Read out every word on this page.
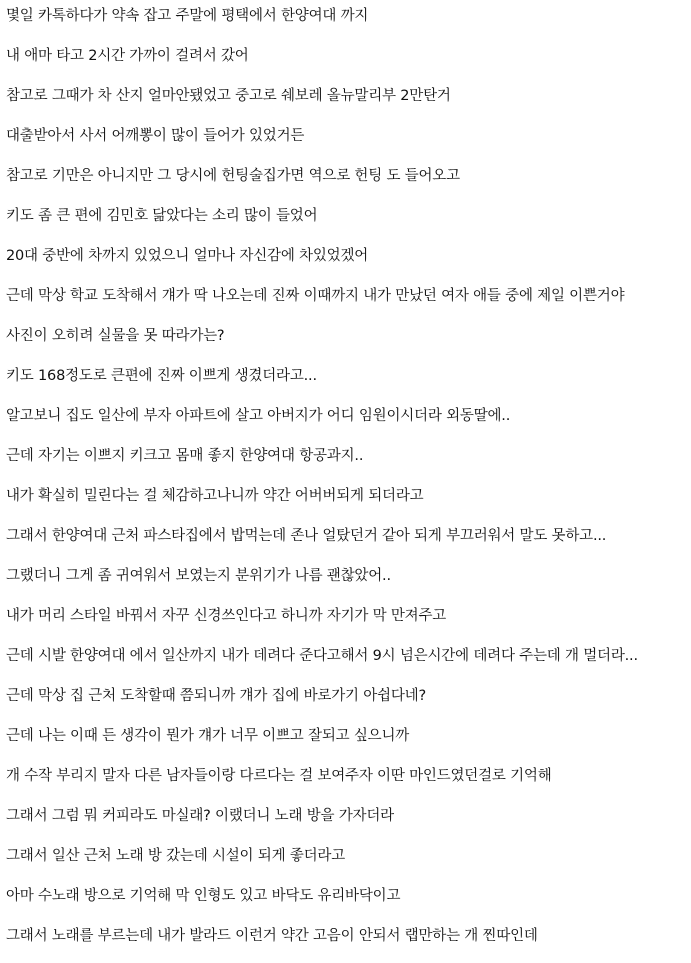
몇일 카톡하다가 약속 잡고 주말에 평택에서 한양여대 까지
내 애마 타고 2시간 가까이 걸려서 갔어
참고로 그때가 차 산지 얼마안됐었고 중고로 쉐보레 올뉴말리부 2만탄거
대출받아서 사서 어깨뽕이 많이 들어가 있었거든
참고로 기만은 아니지만 그 당시에 헌팅술집가면 역으로 헌팅 도 들어오고
키도 좀 큰 편에 김민호 닮았다는 소리 많이 들었어
20대 중반에 차까지 있었으니 얼마나 자신감에 차있었겠어
근데 막상 학교 도착해서 걔가 딱 나오는데 진짜 이때까지 내가 만났던 여자 애들 중에 제일 이쁜거야
사진이 오히려 실물을 못 따라가는?
키도 168정도로 큰편에 진짜 이쁘게 생겼더라고...
알고보니 집도 일산에 부자 아파트에 살고 아버지가 어디 임원이시더라 외동딸에..
근데 자기는 이쁘지 키크고 몸매 좋지 한양여대 항공과지..
내가 확실히 밀린다는 걸 체감하고나니까 약간 어버버되게 되더라고
그래서 한양여대 근처 파스타집에서 밥먹는데 존나 얼탔던거 같아 되게 부끄러워서 말도 못하고...
그랬더니 그게 좀 귀여워서 보였는지 분위기가 나름 괜찮았어..
내가 머리 스타일 바꿔서 자꾸 신경쓰인다고 하니까 자기가 막 만져주고
근데 시발 한양여대 에서 일산까지 내가 데려다 준다고해서 9시 넘은시간에 데려다 주는데 개 멀더라...
근데 막상 집 근처 도착할때 쯤되니까 걔가 집에 바로가기 아쉽다네?
근데 나는 이때 든 생각이 뭔가 걔가 너무 이쁘고 잘되고 싶으니까
개 수작 부리지 말자 다른 남자들이랑 다르다는 걸 보여주자 이딴 마인드였던걸로 기억해
그래서 그럼 뭐 커피라도 마실래? 이랬더니 노래 방을 가자더라
그래서 일산 근처 노래 방 갔는데 시설이 되게 좋더라고
아마 수노래 방으로 기억해 막 인형도 있고 바닥도 유리바닥이고
그래서 노래를 부르는데 내가 발라드 이런거 약간 고음이 안되서 랩만하는 개 찐따인데
